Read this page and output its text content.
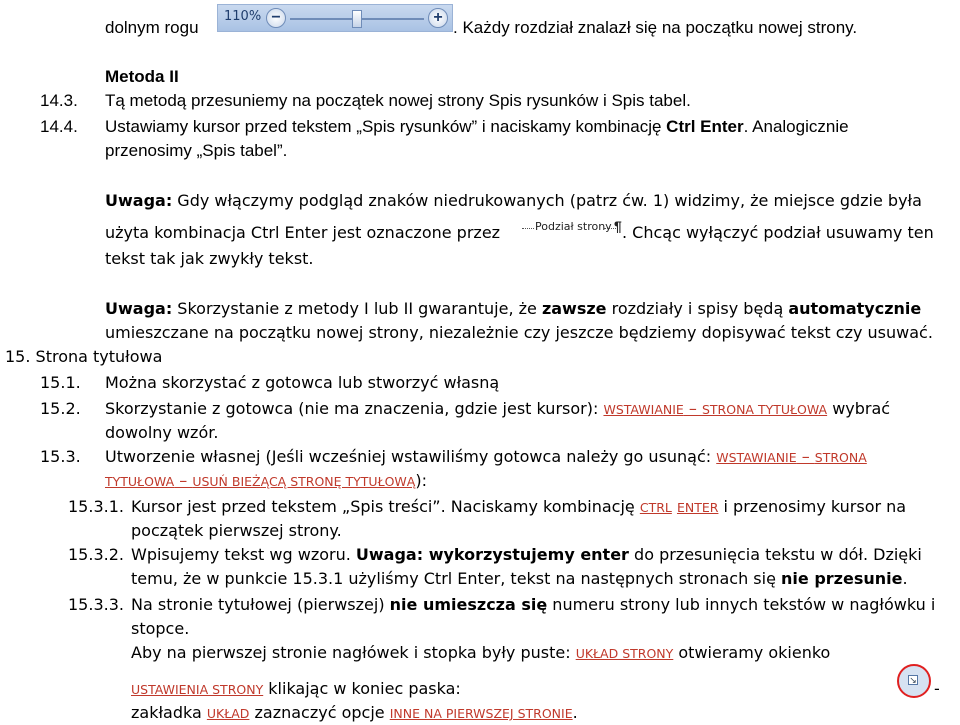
dolnym rogu
110% −	+
. Każdy rozdział znalazł się na początku nowej strony.
Metoda II
14.3. Tą metodą przesuniemy na początek nowej strony Spis rysunków i Spis tabel.
14.4. Ustawiamy kursor przed tekstem „Spis rysunków” i naciskamy kombinację Ctrl Enter. Analogicznie
przenosimy „Spis tabel”.
Uwaga: Gdy włączymy podgląd znaków niedrukowanych (patrz ćw. 1) widzimy, że miejsce gdzie była
użyta kombinacja Ctrl Enter jest oznaczone przez	Podział strony ¶ . Chcąc wyłączyć podział usuwamy ten
tekst tak jak zwykły tekst.
Uwaga: Skorzystanie z metody I lub II gwarantuje, że zawsze rozdziały i spisy będą automatycznie
umieszczane na początku nowej strony, niezależnie czy jeszcze będziemy dopisywać tekst czy usuwać.
15. Strona tytułowa
15.1. Można skorzystać z gotowca lub stworzyć własną
15.2. Skorzystanie z gotowca (nie ma znaczenia, gdzie jest kursor): WSTAWIANIE – STRONA TYTUŁOWA wybrać
dowolny wzór.
15.3. Utworzenie własnej (Jeśli wcześniej wstawiliśmy gotowca należy go usunąć: WSTAWIANIE – STRONA
TYTUŁOWA – USUŃ BIEŻĄCĄ STRONĘ TYTUŁOWĄ):
15.3.1. Kursor jest przed tekstem „Spis treści”. Naciskamy kombinację CTRL ENTER i przenosimy kursor na
początek pierwszej strony.
15.3.2. Wpisujemy tekst wg wzoru. Uwaga: wykorzystujemy enter do przesunięcia tekstu w dół. Dzięki
temu, że w punkcie 15.3.1 użyliśmy Ctrl Enter, tekst na następnych stronach się nie przesunie.
15.3.3. Na stronie tytułowej (pierwszej) nie umieszcza się numeru strony lub innych tekstów w nagłówku i
stopce.
Aby na pierwszej stronie nagłówek i stopka były puste: UKŁAD STRONY otwieramy okienko
USTAWIENIA STRONY klikając w koniec paska:	↘ -
zakładka UKŁAD zaznaczyć opcje INNE NA PIERWSZEJ STRONIE.
